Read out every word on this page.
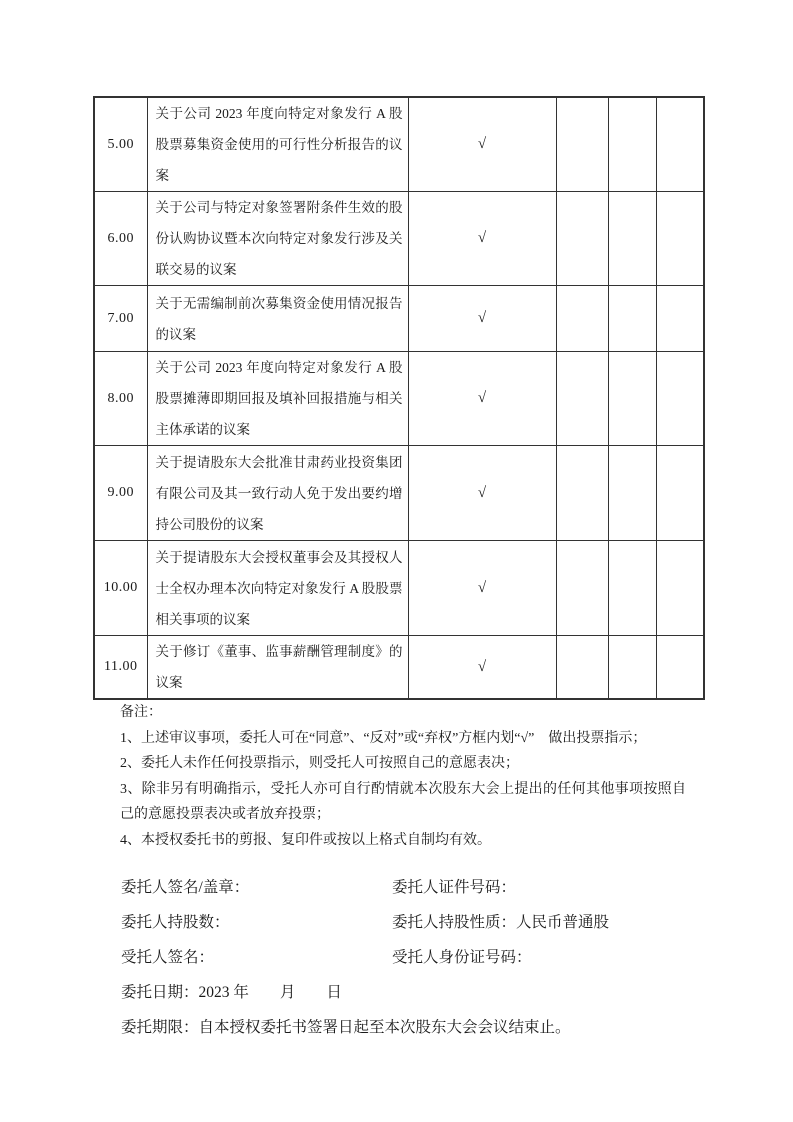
5.00	关于公司 2023 年度向特定对象发行 A 股股票募集资金使用的可行性分析报告的议案	√			
6.00	关于公司与特定对象签署附条件生效的股份认购协议暨本次向特定对象发行涉及关联交易的议案	√			
7.00	关于无需编制前次募集资金使用情况报告的议案	√			
8.00	关于公司 2023 年度向特定对象发行 A 股股票摊薄即期回报及填补回报措施与相关主体承诺的议案	√			
9.00	关于提请股东大会批准甘肃药业投资集团有限公司及其一致行动人免于发出要约增持公司股份的议案	√			
10.00	关于提请股东大会授权董事会及其授权人士全权办理本次向特定对象发行 A 股股票相关事项的议案	√			
11.00	关于修订《董事、监事薪酬管理制度》的议案	√			

备注：

1、上述审议事项，委托人可在“同意”、“反对”或“弃权”方框内划“√”　做出投票指示；

2、委托人未作任何投票指示，则受托人可按照自己的意愿表决；

3、除非另有明确指示，受托人亦可自行酌情就本次股东大会上提出的任何其他事项按照自己的意愿投票表决或者放弃投票；

4、本授权委托书的剪报、复印件或按以上格式自制均有效。

委托人签名/盖章：	委托人证件号码：
委托人持股数：	委托人持股性质：人民币普通股
受托人签名：	受托人身份证号码：
委托日期：2023 年　　月　　日
委托期限：自本授权委托书签署日起至本次股东大会会议结束止。
